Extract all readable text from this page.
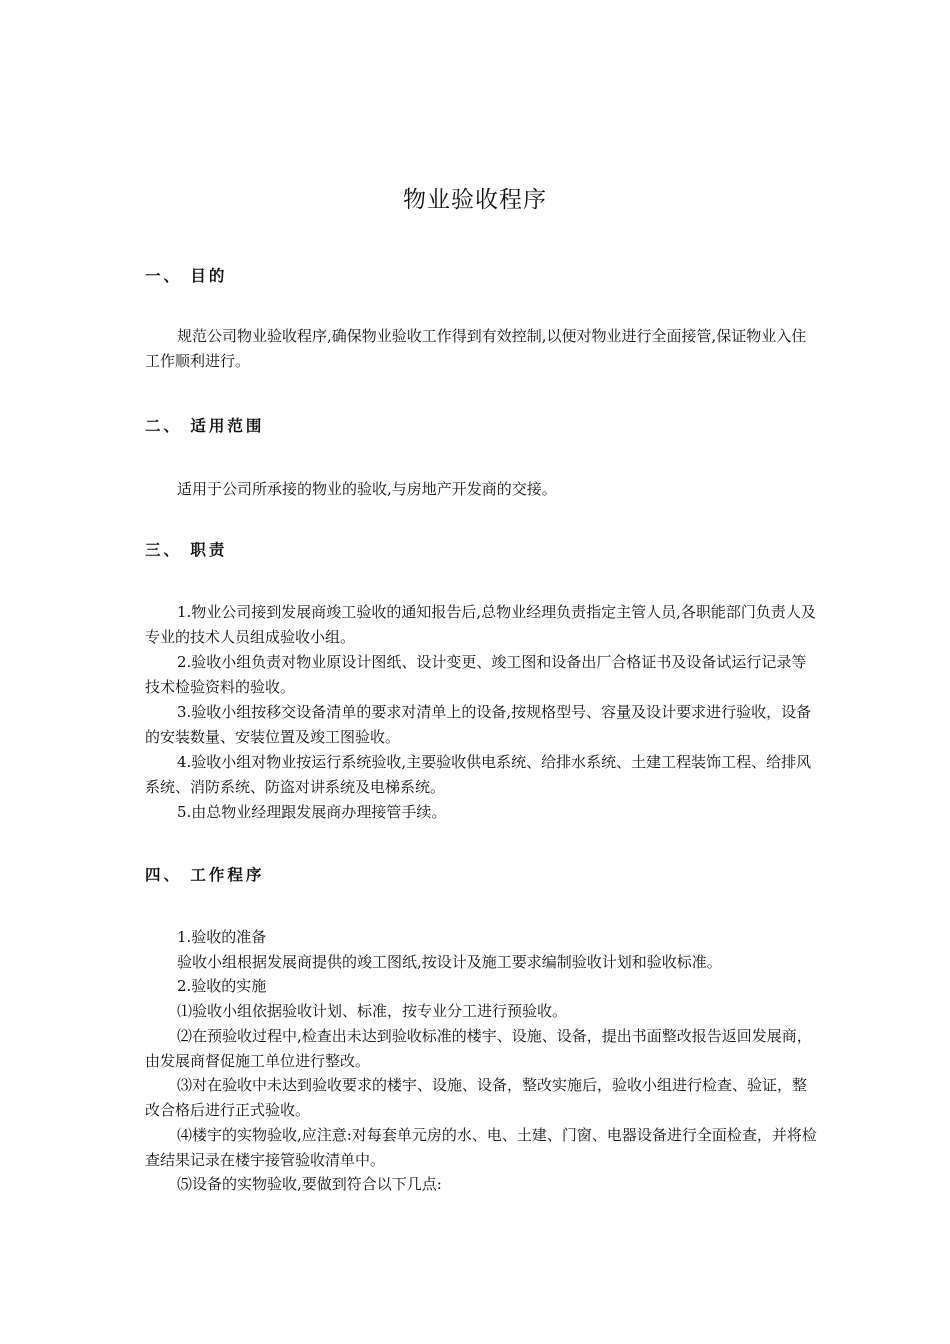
物业验收程序
一、 目的

规范公司物业验收程序,确保物业验收工作得到有效控制,以便对物业进行全面接管,保证物业入住工作顺利进行。

二、 适用范围

适用于公司所承接的物业的验收,与房地产开发商的交接。

三、 职责

1.物业公司接到发展商竣工验收的通知报告后,总物业经理负责指定主管人员,各职能部门负责人及专业的技术人员组成验收小组。

2.验收小组负责对物业原设计图纸、设计变更、竣工图和设备出厂合格证书及设备试运行记录等技术检验资料的验收。

3.验收小组按移交设备清单的要求对清单上的设备,按规格型号、容量及设计要求进行验收，设备的安装数量、安装位置及竣工图验收。

4.验收小组对物业按运行系统验收,主要验收供电系统、给排水系统、土建工程装饰工程、给排风系统、消防系统、防盗对讲系统及电梯系统。

5.由总物业经理跟发展商办理接管手续。

四、 工作程序
1.验收的准备
验收小组根据发展商提供的竣工图纸,按设计及施工要求编制验收计划和验收标准。
2.验收的实施
⑴验收小组依据验收计划、标准，按专业分工进行预验收。

⑵在预验收过程中,检查出未达到验收标准的楼宇、设施、设备，提出书面整改报告返回发展商，由发展商督促施工单位进行整改。

⑶对在验收中未达到验收要求的楼宇、设施、设备，整改实施后，验收小组进行检查、验证，整改合格后进行正式验收。

⑷楼宇的实物验收,应注意:对每套单元房的水、电、土建、门窗、电器设备进行全面检查，并将检查结果记录在楼宇接管验收清单中。

⑸设备的实物验收,要做到符合以下几点:
